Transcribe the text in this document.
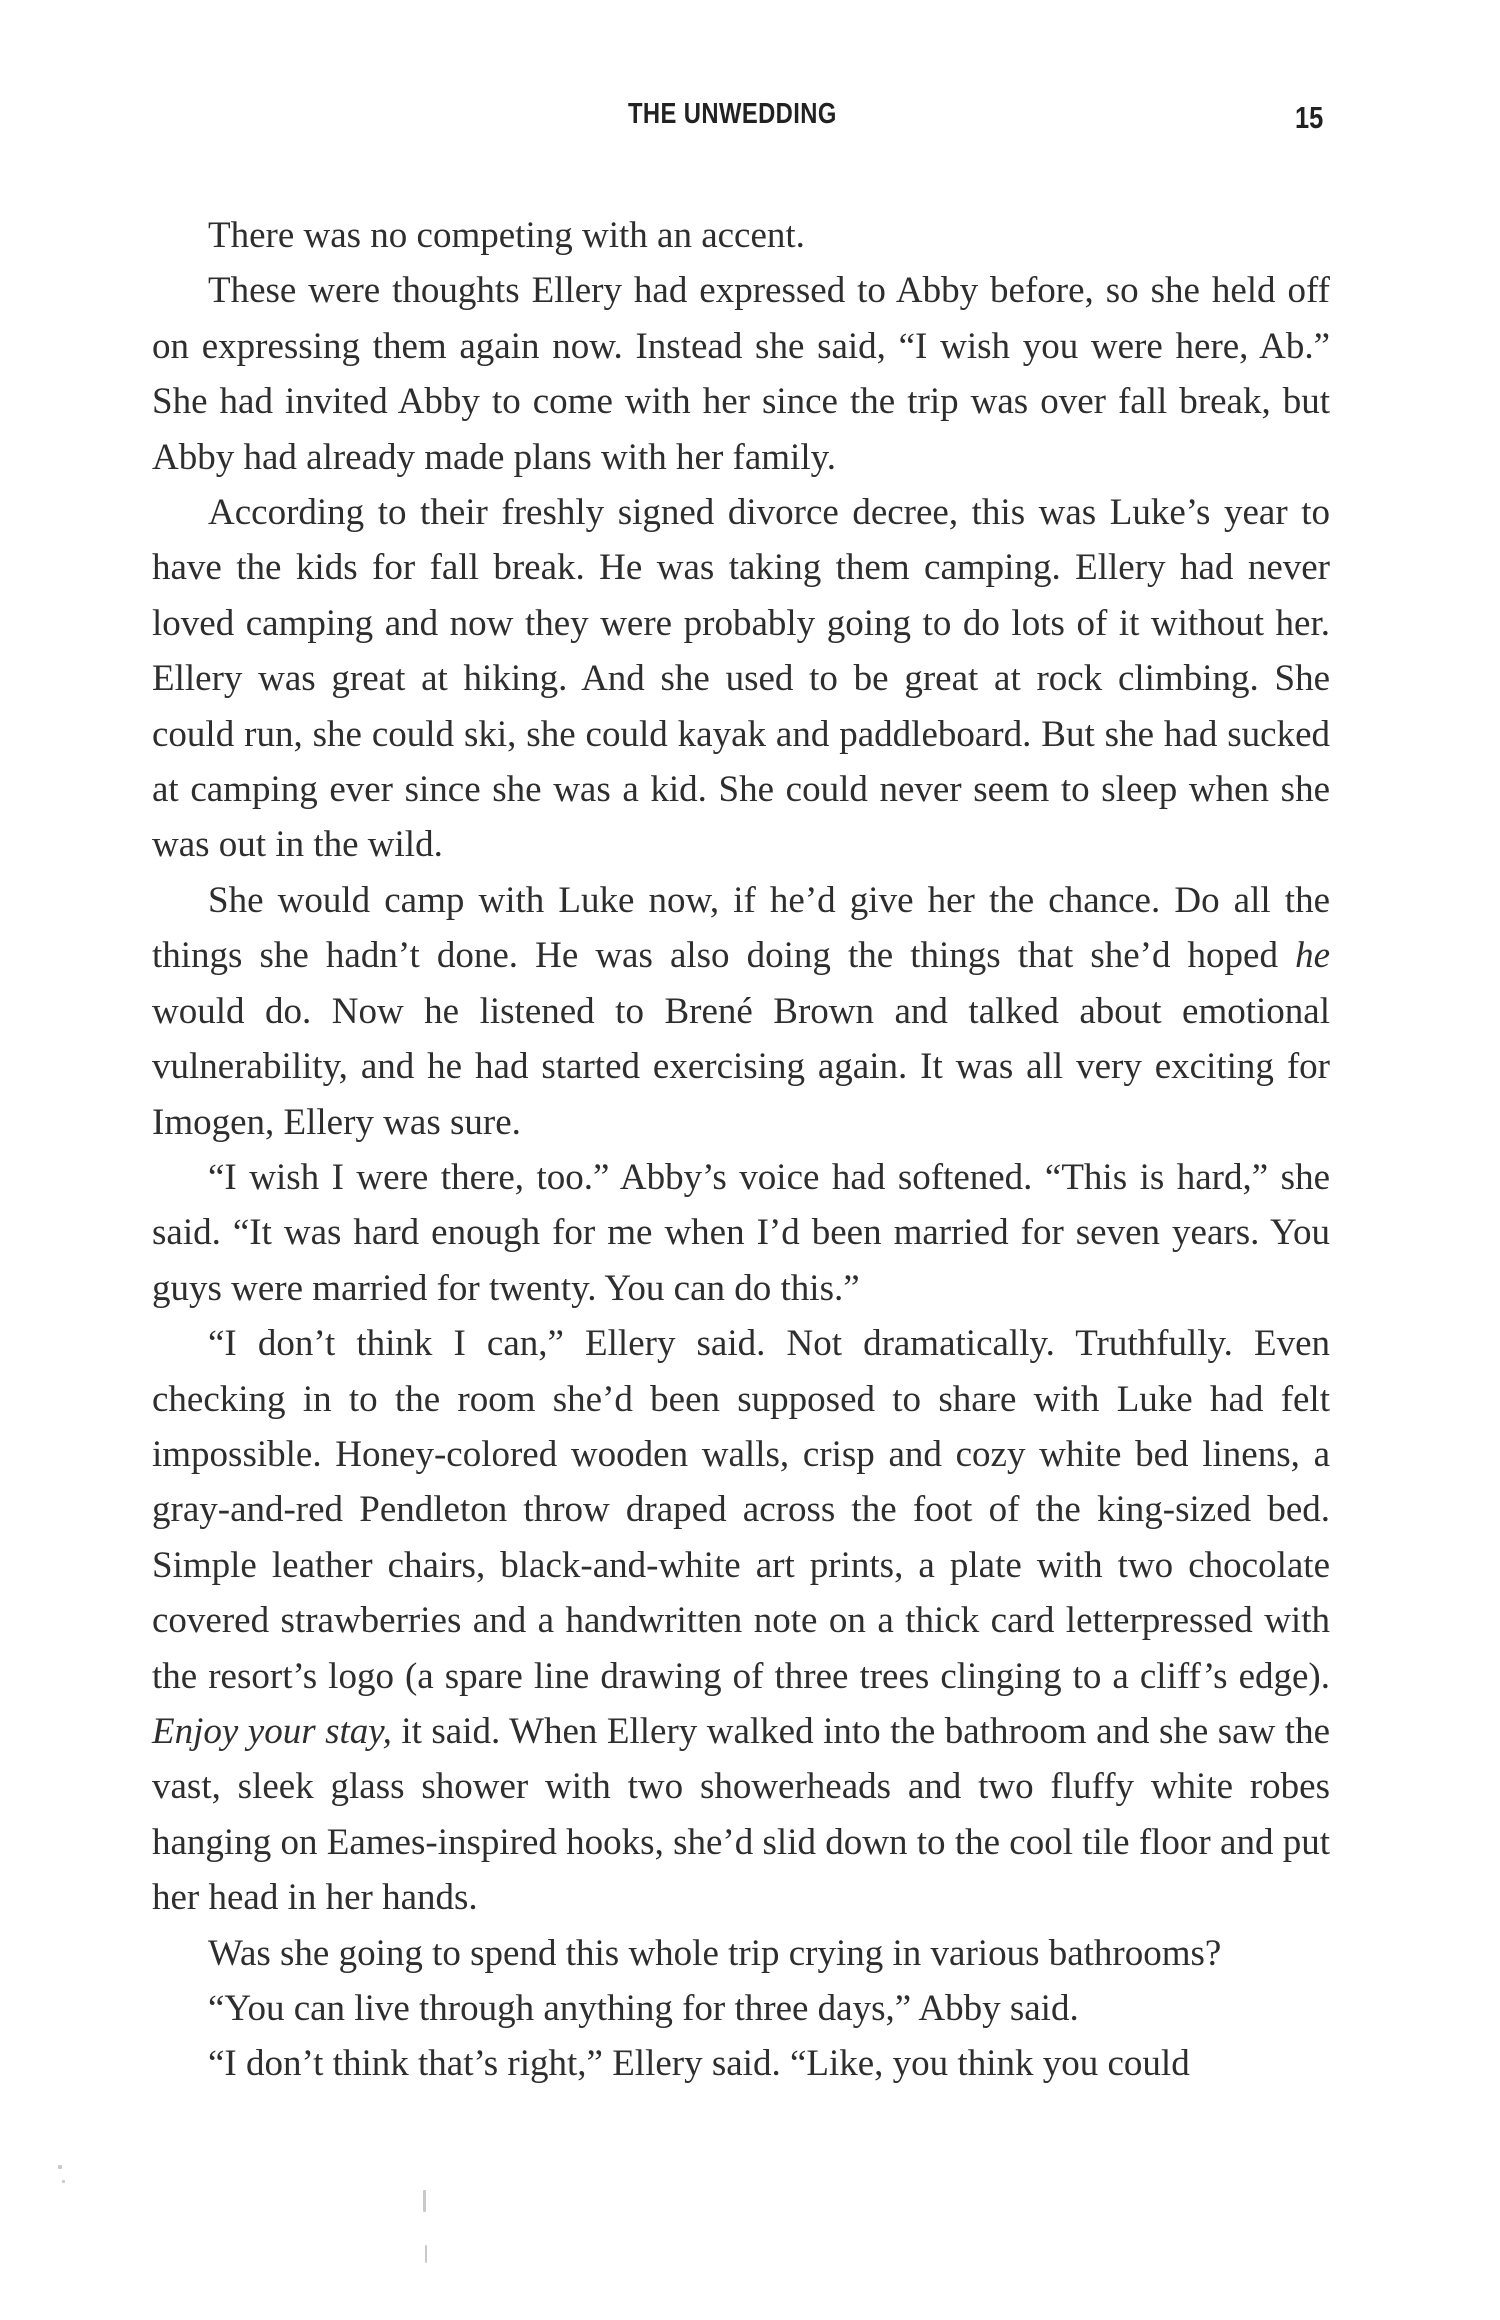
THE UNWEDDING	15

There was no competing with an accent.

These were thoughts Ellery had expressed to Abby before, so she held off on expressing them again now. Instead she said, “I wish you were here, Ab.” She had invited Abby to come with her since the trip was over fall break, but Abby had already made plans with her family.

According to their freshly signed divorce decree, this was Luke’s year to have the kids for fall break. He was taking them camping. Ellery had never loved camping and now they were probably going to do lots of it without her. Ellery was great at hiking. And she used to be great at rock climbing. She could run, she could ski, she could kayak and paddleboard. But she had sucked at camping ever since she was a kid. She could never seem to sleep when she was out in the wild.

She would camp with Luke now, if he’d give her the chance. Do all the things she hadn’t done. He was also doing the things that she’d hoped he would do. Now he listened to Brené Brown and talked about emotional vulnerability, and he had started exercising again. It was all very exciting for Imogen, Ellery was sure.

“I wish I were there, too.” Abby’s voice had softened. “This is hard,” she said. “It was hard enough for me when I’d been married for seven years. You guys were married for twenty. You can do this.”

“I don’t think I can,” Ellery said. Not dramatically. Truthfully. Even checking in to the room she’d been supposed to share with Luke had felt impossible. Honey-colored wooden walls, crisp and cozy white bed linens, a gray-and-red Pendleton throw draped across the foot of the king-sized bed. Simple leather chairs, black-and-white art prints, a plate with two chocolate covered strawberries and a handwritten note on a thick card letterpressed with the resort’s logo (a spare line drawing of three trees clinging to a cliff’s edge). Enjoy your stay, it said. When Ellery walked into the bathroom and she saw the vast, sleek glass shower with two showerheads and two fluffy white robes hanging on Eames-inspired hooks, she’d slid down to the cool tile floor and put her head in her hands.

Was she going to spend this whole trip crying in various bathrooms?

“You can live through anything for three days,” Abby said.

“I don’t think that’s right,” Ellery said. “Like, you think you could
